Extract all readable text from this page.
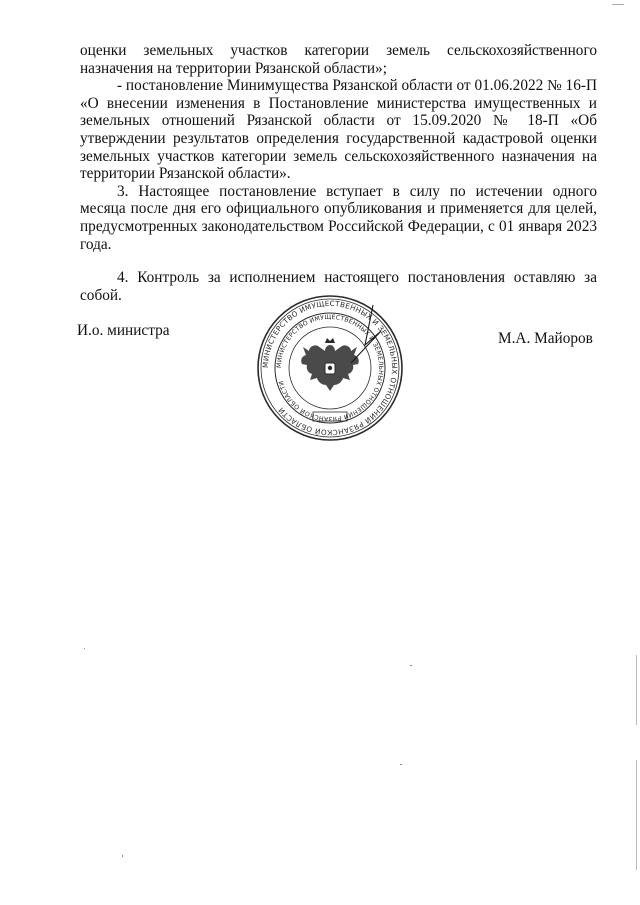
оценки земельных участков категории земель сельскохозяйственного назначения на территории Рязанской области»;

- постановление Минимущества Рязанской области от 01.06.2022 № 16-П «О внесении изменения в Постановление министерства имущественных и земельных отношений Рязанской области от 15.09.2020 № 18-П «Об утверждении результатов определения государственной кадастровой оценки земельных участков категории земель сельскохозяйственного назначения на территории Рязанской области».

3. Настоящее постановление вступает в силу по истечении одного месяца после дня его официального опубликования и применяется для целей, предусмотренных законодательством Российской Федерации, с 01 января 2023 года.

4. Контроль за исполнением настоящего постановления оставляю за собой.

И.о. министра	М.А. Майоров
МИНИСТЕРСТВО ИМУЩЕСТВЕННЫХ И ЗЕМЕЛЬНЫХ ОТНОШЕНИЙ РЯЗАНСКОЙ ОБЛАСТИ
МИНИСТЕРСТВО ИМУЩЕСТВЕННЫХ И ЗЕМЕЛЬНЫХ ОТНОШЕНИЙ РЯЗАНСКОЙ ОБЛАСТИ
